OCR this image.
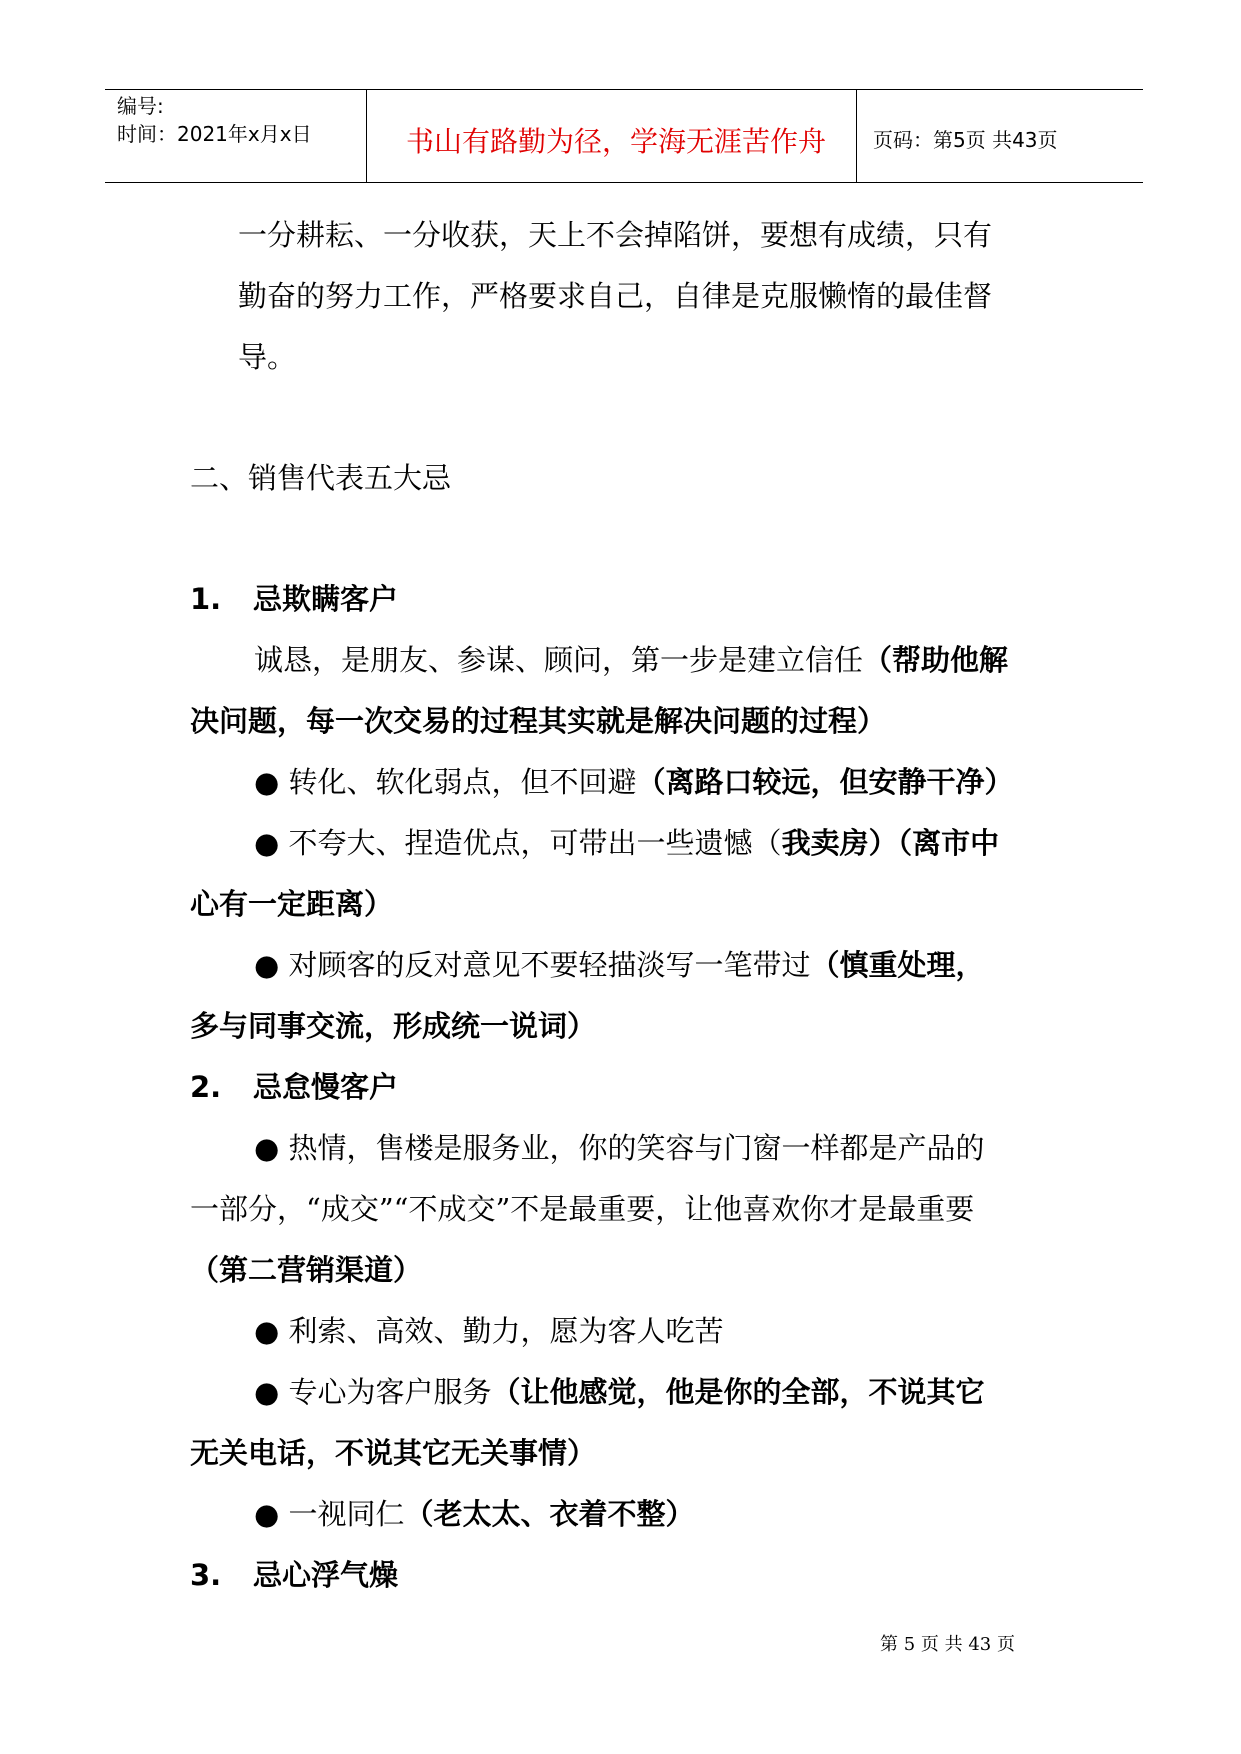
编号:
时间：2021年x月x日	书山有路勤为径，学海无涯苦作舟	页码：第5页 共43页

一分耕耘、一分收获，天上不会掉陷饼，要想有成绩，只有

勤奋的努力工作，严格要求自己，自律是克服懒惰的最佳督

导。

二、销售代表五大忌

1. 忌欺瞒客户

诚恳，是朋友、参谋、顾问，第一步是建立信任（帮助他解

决问题，每一次交易的过程其实就是解决问题的过程）

● 转化、软化弱点，但不回避（离路口较远，但安静干净）

● 不夸大、捏造优点，可带出一些遗憾（我卖房）（离市中

心有一定距离）

● 对顾客的反对意见不要轻描淡写一笔带过（慎重处理，

多与同事交流，形成统一说词）

2. 忌怠慢客户

● 热情，售楼是服务业，你的笑容与门窗一样都是产品的

一部分，“成交”“不成交”不是最重要，让他喜欢你才是最重要

（第二营销渠道）

● 利索、高效、勤力，愿为客人吃苦

● 专心为客户服务（让他感觉，他是你的全部，不说其它

无关电话，不说其它无关事情）

● 一视同仁（老太太、衣着不整）

3. 忌心浮气燥

第 5 页 共 43 页
